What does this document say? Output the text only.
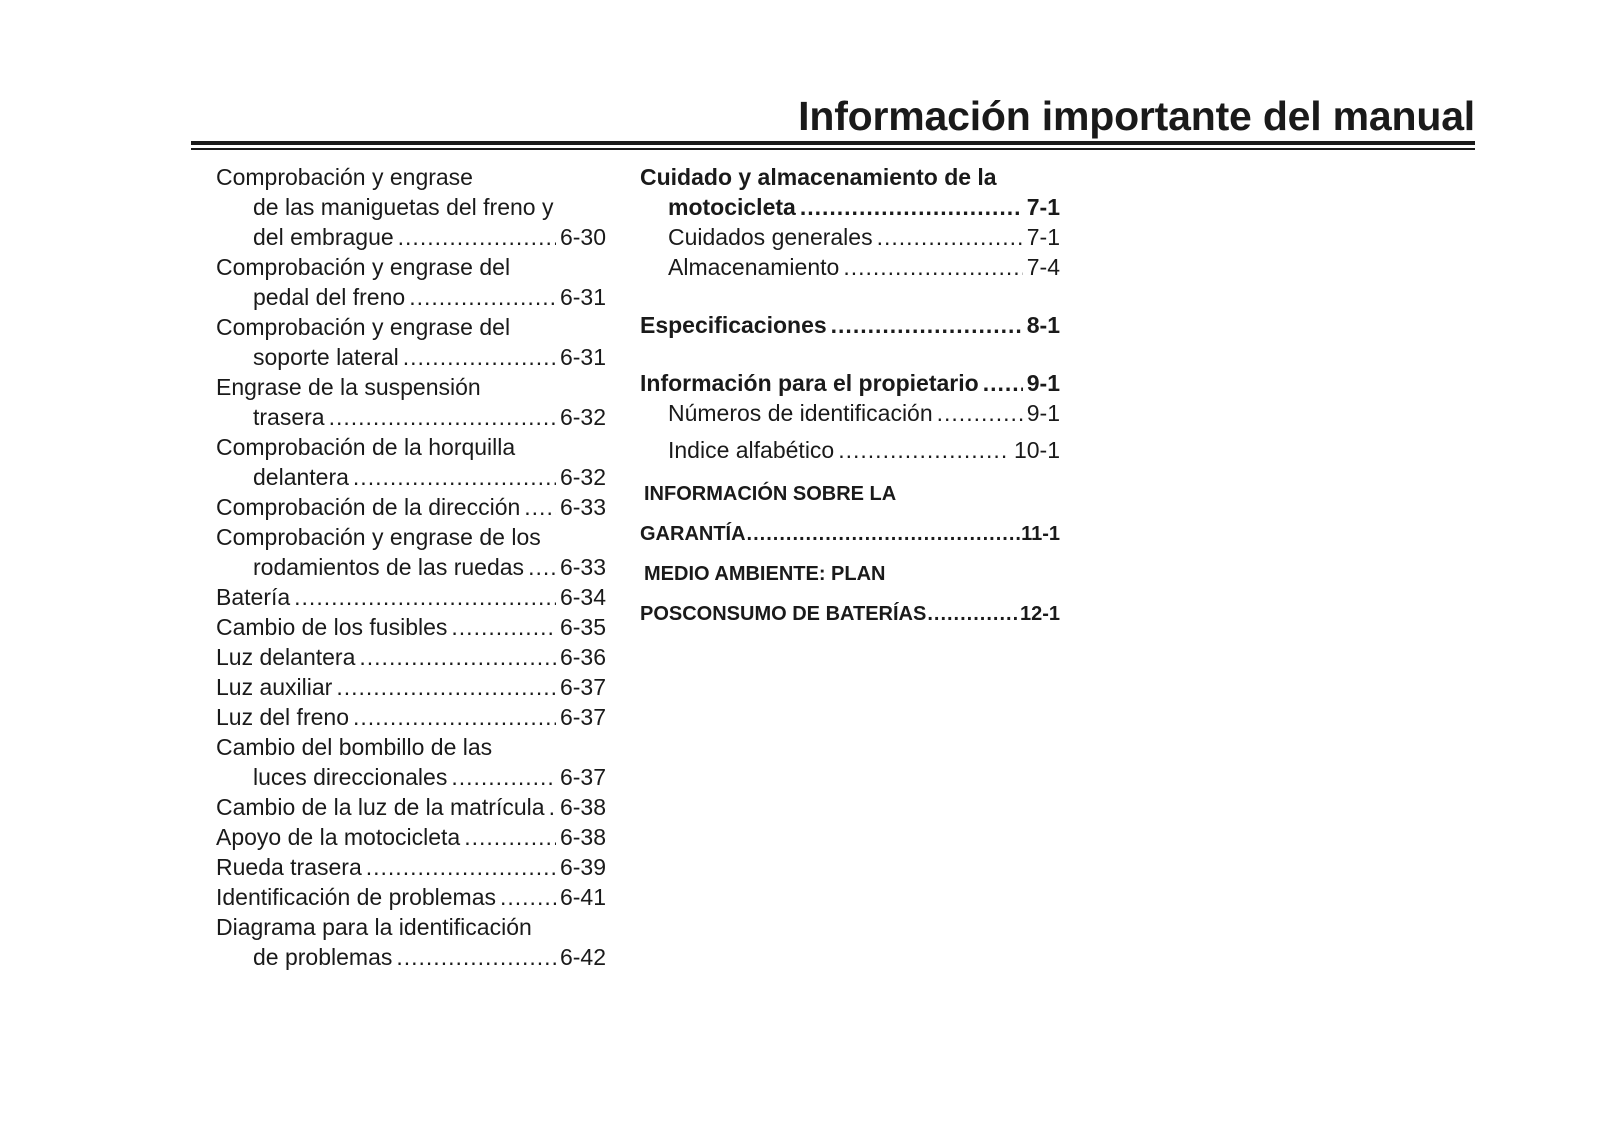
Información importante del manual
Comprobación y engrase
de las maniguetas del freno y
del embrague .....	6-30
Comprobación y engrase del
pedal del freno .....	6-31
Comprobación y engrase del
soporte lateral .....	6-31
Engrase de la suspensión
trasera .....	6-32
Comprobación de la horquilla
delantera .....	6-32
Comprobación de la dirección ..... 6-33
Comprobación y engrase de los
rodamientos de las ruedas ..... 6-33
Batería .....	6-34
Cambio de los fusibles .....	6-35
Luz delantera .....	6-36
Luz auxiliar .....	6-37
Luz del freno .....	6-37
Cambio del bombillo de las
luces direccionales .....	6-37
Cambio de la luz de la matrícula ..... 6-38
Apoyo de la motocicleta .....	6-38
Rueda trasera .....	6-39
Identificación de problemas .....	6-41
Diagrama para la identificación
de problemas .....	6-42
Cuidado y almacenamiento de la
motocicleta .....	7-1
Cuidados generales .....	7-1
Almacenamiento .....	7-4
Especificaciones .....	8-1
Información para el propietario ..... 9-1
Números de identificación .....	9-1
Indice alfabético .....	10-1
INFORMACIÓN SOBRE LA
GARANTÍA .....	11-1
MEDIO AMBIENTE: PLAN
POSCONSUMO DE BATERÍAS .....	12-1
